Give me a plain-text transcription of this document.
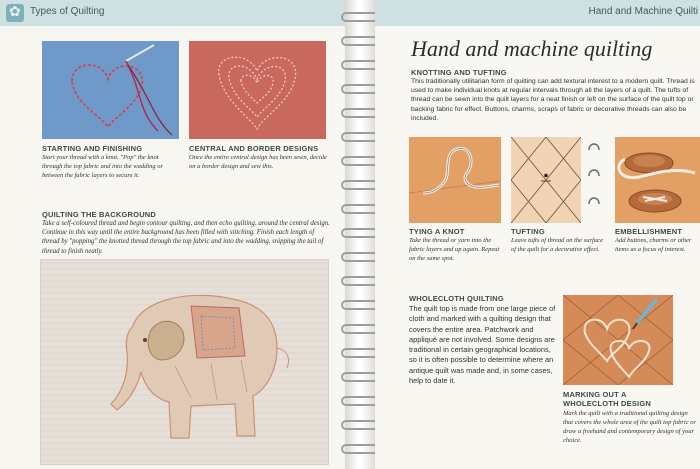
✿
Types of Quilting
STARTING AND FINISHING
Start your thread with a knot. "Pop" the knot through the top fabric and into the wadding or between the fabric layers to secure it.
CENTRAL AND BORDER DESIGNS
Once the entire central design has been sewn, decide on a border design and sew this.
QUILTING THE BACKGROUND
Take a self-coloured thread and begin contour quilting, and then echo quilting, around the central design. Continue in this way until the entire background has been filled with stitching. Finish each length of thread by "popping" the knotted thread through the top fabric and into the wadding, snipping the tail of thread to finish neatly.
Hand and Machine Quilti
Hand and machine quilting
KNOTTING AND TUFTING
This traditionally utilitarian form of quilting can add textural interest to a modern quilt. Thread is used to make individual knots at regular intervals through all the layers of a quilt. The tufts of thread can be sewn into the quilt layers for a neat finish or left on the surface of the quilt top or backing fabric for effect. Buttons, charms, scraps of fabric or decorative threads can also be included.
TYING A KNOT
Take the thread or yarn into the fabric layers and up again. Repeat on the same spot.
TUFTING
Leave tufts of thread on the surface of the quilt for a decorative effect.
EMBELLISHMENT
Add buttons, charms or other items as a focus of interest.
WHOLECLOTH QUILTING
The quilt top is made from one large piece of cloth and marked with a quilting design that covers the entire area. Patchwork and appliqué are not involved. Some designs are traditional in certain geographical locations, so it is often possible to determine where an antique quilt was made and, in some cases, help to date it.
MARKING OUT A
WHOLECLOTH DESIGN
Mark the quilt with a traditional quilting design that covers the whole area of the quilt top fabric or draw a freehand and contemporary design of your choice.
